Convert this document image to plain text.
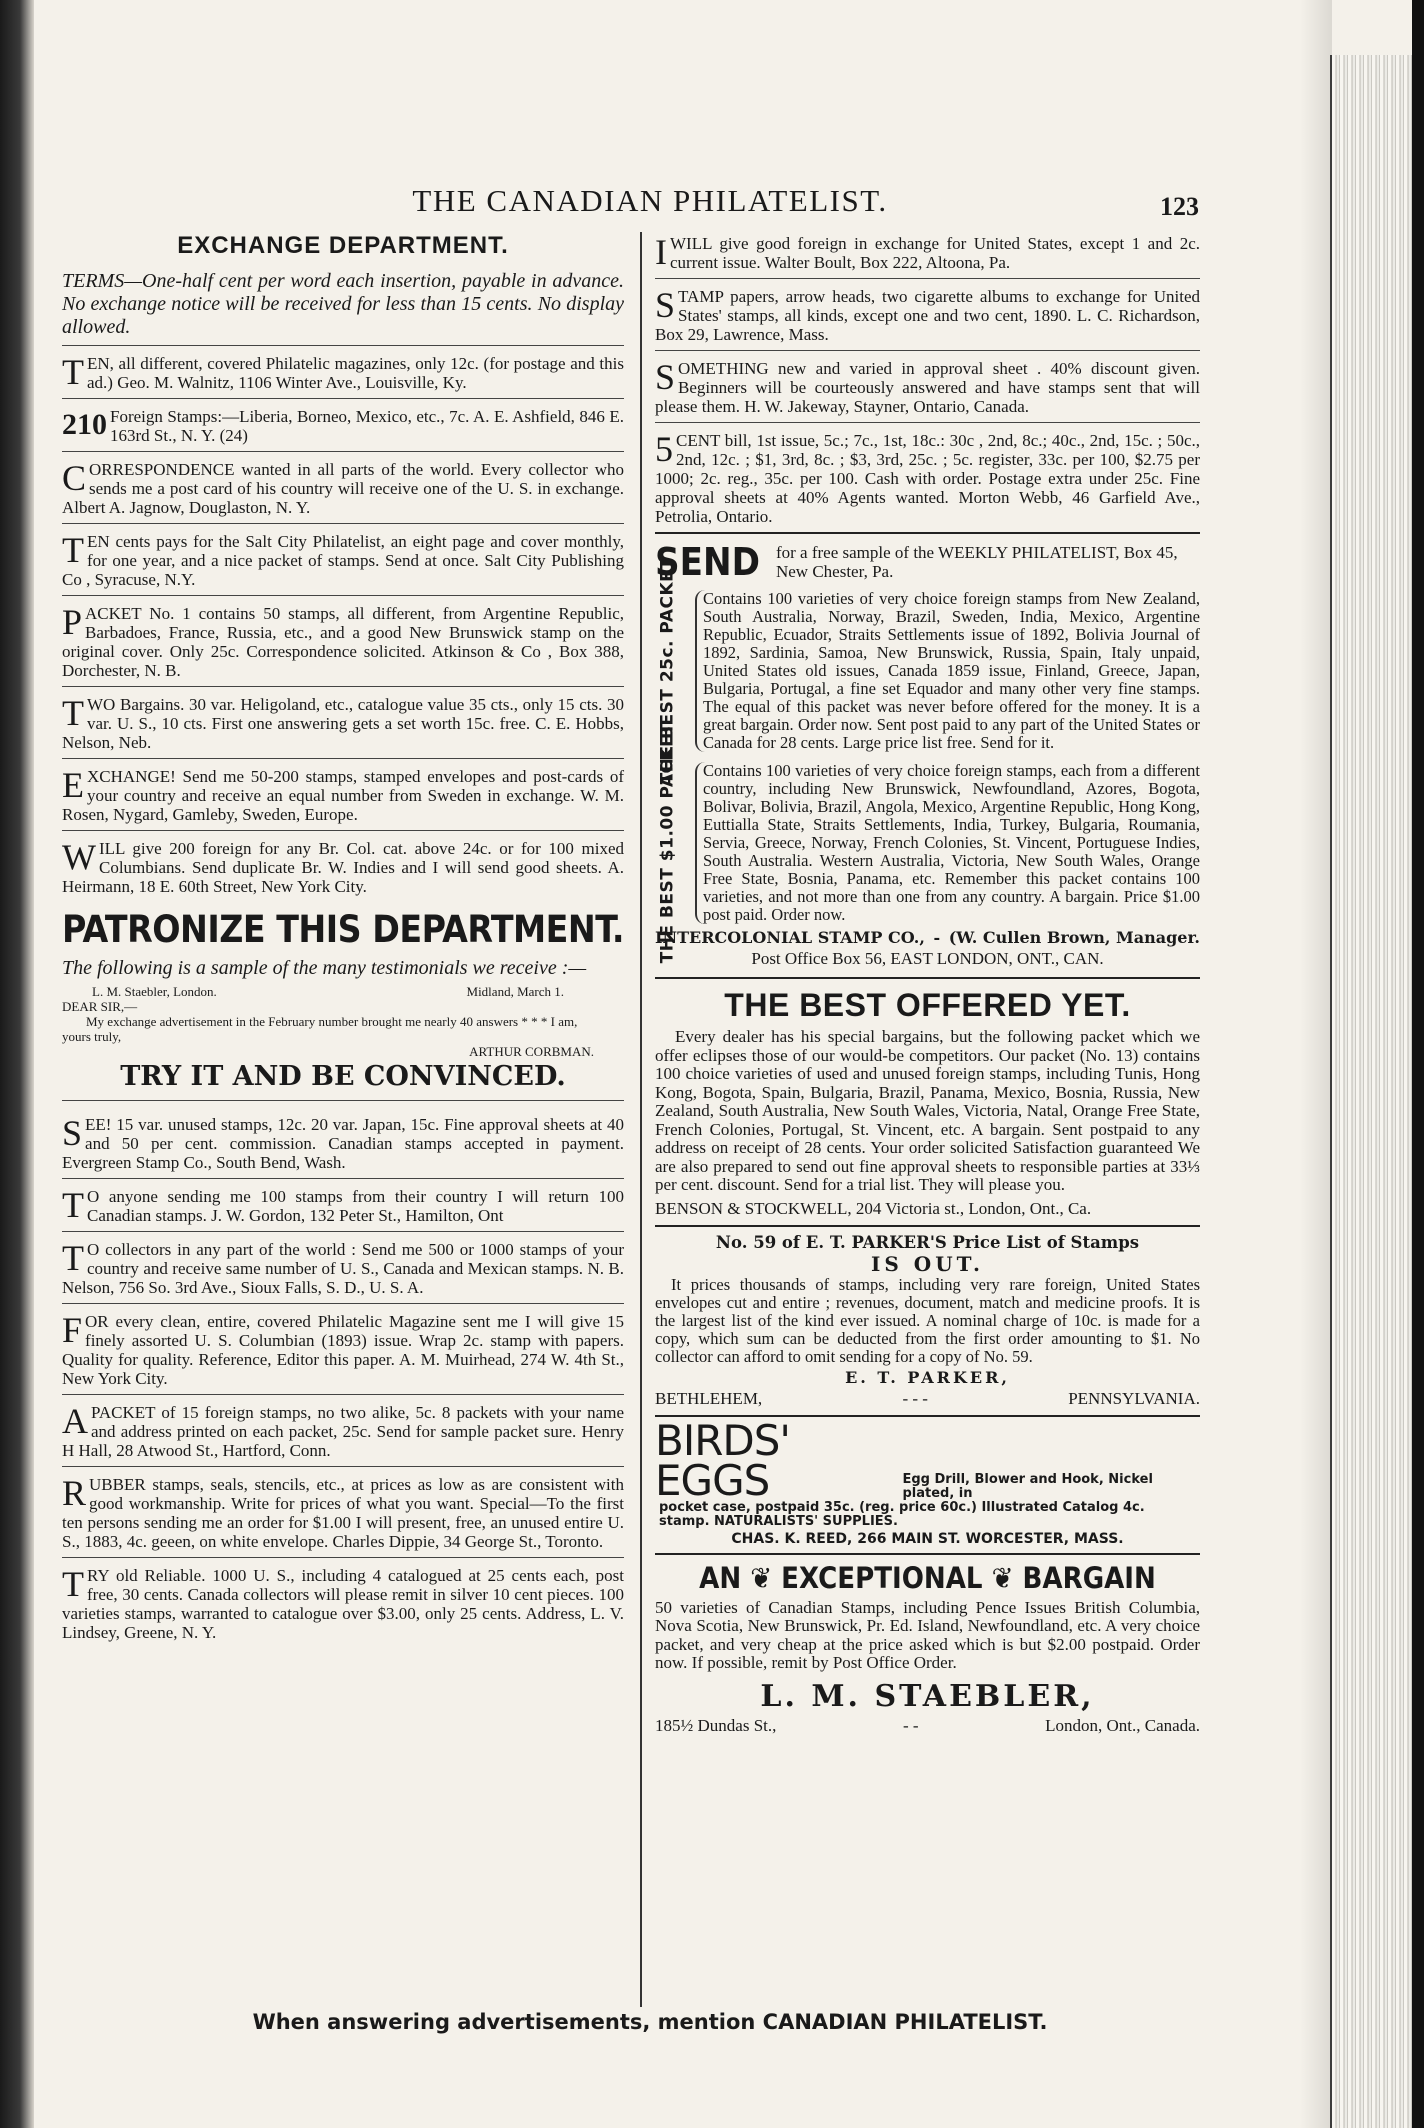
THE CANADIAN PHILATELIST.	123
EXCHANGE DEPARTMENT.
TERMS—One-half cent per word each insertion, payable in advance. No exchange notice will be received for less than 15 cents. No display allowed.
TEN, all different, covered Philatelic magazines, only 12c. (for postage and this ad.) Geo. M. Walnitz, 1106 Winter Ave., Louisville, Ky.
210 Foreign Stamps:—Liberia, Borneo, Mexico, etc., 7c. A. E. Ashfield, 846 E. 163rd St., N. Y. (24)
CORRESPONDENCE wanted in all parts of the world. Every collector who sends me a post card of his country will receive one of the U. S. in exchange. Albert A. Jagnow, Douglaston, N. Y.
TEN cents pays for the Salt City Philatelist, an eight page and cover monthly, for one year, and a nice packet of stamps. Send at once. Salt City Publishing Co , Syracuse, N.Y.
PACKET No. 1 contains 50 stamps, all different, from Argentine Republic, Barbadoes, France, Russia, etc., and a good New Brunswick stamp on the original cover. Only 25c. Correspondence solicited. Atkinson & Co , Box 388, Dorchester, N. B.
TWO Bargains. 30 var. Heligoland, etc., catalogue value 35 cts., only 15 cts. 30 var. U. S., 10 cts. First one answering gets a set worth 15c. free. C. E. Hobbs, Nelson, Neb.
EXCHANGE! Send me 50-200 stamps, stamped envelopes and post-cards of your country and receive an equal number from Sweden in exchange. W. M. Rosen, Nygard, Gamleby, Sweden, Europe.
WILL give 200 foreign for any Br. Col. cat. above 24c. or for 100 mixed Columbians. Send duplicate Br. W. Indies and I will send good sheets. A. Heirmann, 18 E. 60th Street, New York City.
PATRONIZE THIS DEPARTMENT.
The following is a sample of the many testimonials we receive :—
L. M. Staebler, London.	Midland, March 1.
DEAR SIR,—
My exchange advertisement in the February number brought me nearly 40 answers * * * I am, yours truly,
ARTHUR CORBMAN.
TRY IT AND BE CONVINCED.
SEE! 15 var. unused stamps, 12c. 20 var. Japan, 15c. Fine approval sheets at 40 and 50 per cent. commission. Canadian stamps accepted in payment. Evergreen Stamp Co., South Bend, Wash.
T O anyone sending me 100 stamps from their country I will return 100 Canadian stamps. J. W. Gordon, 132 Peter St., Hamilton, Ont
T O collectors in any part of the world : Send me 500 or 1000 stamps of your country and receive same number of U. S., Canada and Mexican stamps. N. B. Nelson, 756 So. 3rd Ave., Sioux Falls, S. D., U. S. A.
FOR every clean, entire, covered Philatelic Magazine sent me I will give 15 finely assorted U. S. Columbian (1893) issue. Wrap 2c. stamp with papers. Quality for quality. Reference, Editor this paper. A. M. Muirhead, 274 W. 4th St., New York City.
APACKET of 15 foreign stamps, no two alike, 5c. 8 packets with your name and address printed on each packet, 25c. Send for sample packet sure. Henry H Hall, 28 Atwood St., Hartford, Conn.
RUBBER stamps, seals, stencils, etc., at prices as low as are consistent with good workmanship. Write for prices of what you want. Special—To the first ten persons sending me an order for $1.00 I will present, free, an unused entire U. S., 1883, 4c. geeen, on white envelope. Charles Dippie, 34 George St., Toronto.
TRY old Reliable. 1000 U. S., including 4 catalogued at 25 cents each, post free, 30 cents. Canada collectors will please remit in silver 10 cent pieces. 100 varieties stamps, warranted to catalogue over $3.00, only 25 cents. Address, L. V. Lindsey, Greene, N. Y.
IWILL give good foreign in exchange for United States, except 1 and 2c. current issue. Walter Boult, Box 222, Altoona, Pa.
STAMP papers, arrow heads, two cigarette albums to exchange for United States' stamps, all kinds, except one and two cent, 1890. L. C. Richardson, Box 29, Lawrence, Mass.
SOMETHING new and varied in approval sheet . 40% discount given. Beginners will be courteously answered and have stamps sent that will please them. H. W. Jakeway, Stayner, Ontario, Canada.
5 CENT bill, 1st issue, 5c.; 7c., 1st, 18c.: 30c , 2nd, 8c.; 40c., 2nd, 15c. ; 50c., 2nd, 12c. ; $1, 3rd, 8c. ; $3, 3rd, 25c. ; 5c. register, 33c. per 100, $2.75 per 1000; 2c. reg., 35c. per 100. Cash with order. Postage extra under 25c. Fine approval sheets at 40% Agents wanted. Morton Webb, 46 Garfield Ave., Petrolia, Ontario.
SEND for a free sample of the WEEKLY PHILATELIST, Box 45, New Chester, Pa.
THE BEST 25c. PACKET	Contains 100 varieties of very choice foreign stamps from New Zealand, South Australia, Norway, Brazil, Sweden, India, Mexico, Argentine Republic, Ecuador, Straits Settlements issue of 1892, Bolivia Journal of 1892, Sardinia, Samoa, New Brunswick, Russia, Spain, Italy unpaid, United States old issues, Canada 1859 issue, Finland, Greece, Japan, Bulgaria, Portugal, a fine set Equador and many other very fine stamps. The equal of this packet was never before offered for the money. It is a great bargain. Order now. Sent post paid to any part of the United States or Canada for 28 cents. Large price list free. Send for it.
THE BEST $1.00 PACKET	Contains 100 varieties of very choice foreign stamps, each from a different country, including New Brunswick, Newfoundland, Azores, Bogota, Bolivar, Bolivia, Brazil, Angola, Mexico, Argentine Republic, Hong Kong, Euttialla State, Straits Settlements, India, Turkey, Bulgaria, Roumania, Servia, Greece, Norway, French Colonies, St. Vincent, Portuguese Indies, South Australia. Western Australia, Victoria, New South Wales, Orange Free State, Bosnia, Panama, etc. Remember this packet contains 100 varieties, and not more than one from any country. A bargain. Price $1.00 post paid. Order now.
INTERCOLONIAL STAMP CO., - (W. Cullen Brown, Manager.
Post Office Box 56, EAST LONDON, ONT., CAN.
THE BEST OFFERED YET.
Every dealer has his special bargains, but the following packet which we offer eclipses those of our would-be competitors. Our packet (No. 13) contains 100 choice varieties of used and unused foreign stamps, including Tunis, Hong Kong, Bogota, Spain, Bulgaria, Brazil, Panama, Mexico, Bosnia, Russia, New Zealand, South Australia, New South Wales, Victoria, Natal, Orange Free State, French Colonies, Portugal, St. Vincent, etc. A bargain. Sent postpaid to any address on receipt of 28 cents. Your order solicited Satisfaction guaranteed We are also prepared to send out fine approval sheets to responsible parties at 33⅓ per cent. discount. Send for a trial list. They will please you.
BENSON & STOCKWELL, 204 Victoria st., London, Ont., Ca.
No. 59 of E. T. PARKER'S Price List of Stamps
IS OUT.
It prices thousands of stamps, including very rare foreign, United States envelopes cut and entire ; revenues, document, match and medicine proofs. It is the largest list of the kind ever issued. A nominal charge of 10c. is made for a copy, which sum can be deducted from the first order amounting to $1. No collector can afford to omit sending for a copy of No. 59.
E. T. PARKER,
BETHLEHEM,	- - -	PENNSYLVANIA.
BIRDS' EGGS	Egg Drill, Blower and Hook, Nickel plated, in
pocket case, postpaid 35c. (reg. price 60c.) Illustrated Catalog 4c. stamp. NATURALISTS' SUPPLIES.
CHAS. K. REED, 266 MAIN ST. WORCESTER, MASS.
AN ❦ EXCEPTIONAL ❦ BARGAIN
50 varieties of Canadian Stamps, including Pence Issues British Columbia, Nova Scotia, New Brunswick, Pr. Ed. Island, Newfoundland, etc. A very choice packet, and very cheap at the price asked which is but $2.00 postpaid. Order now. If possible, remit by Post Office Order.
L. M. STAEBLER,
185½ Dundas St.,	- -	London, Ont., Canada.
When answering advertisements, mention CANADIAN PHILATELIST.
